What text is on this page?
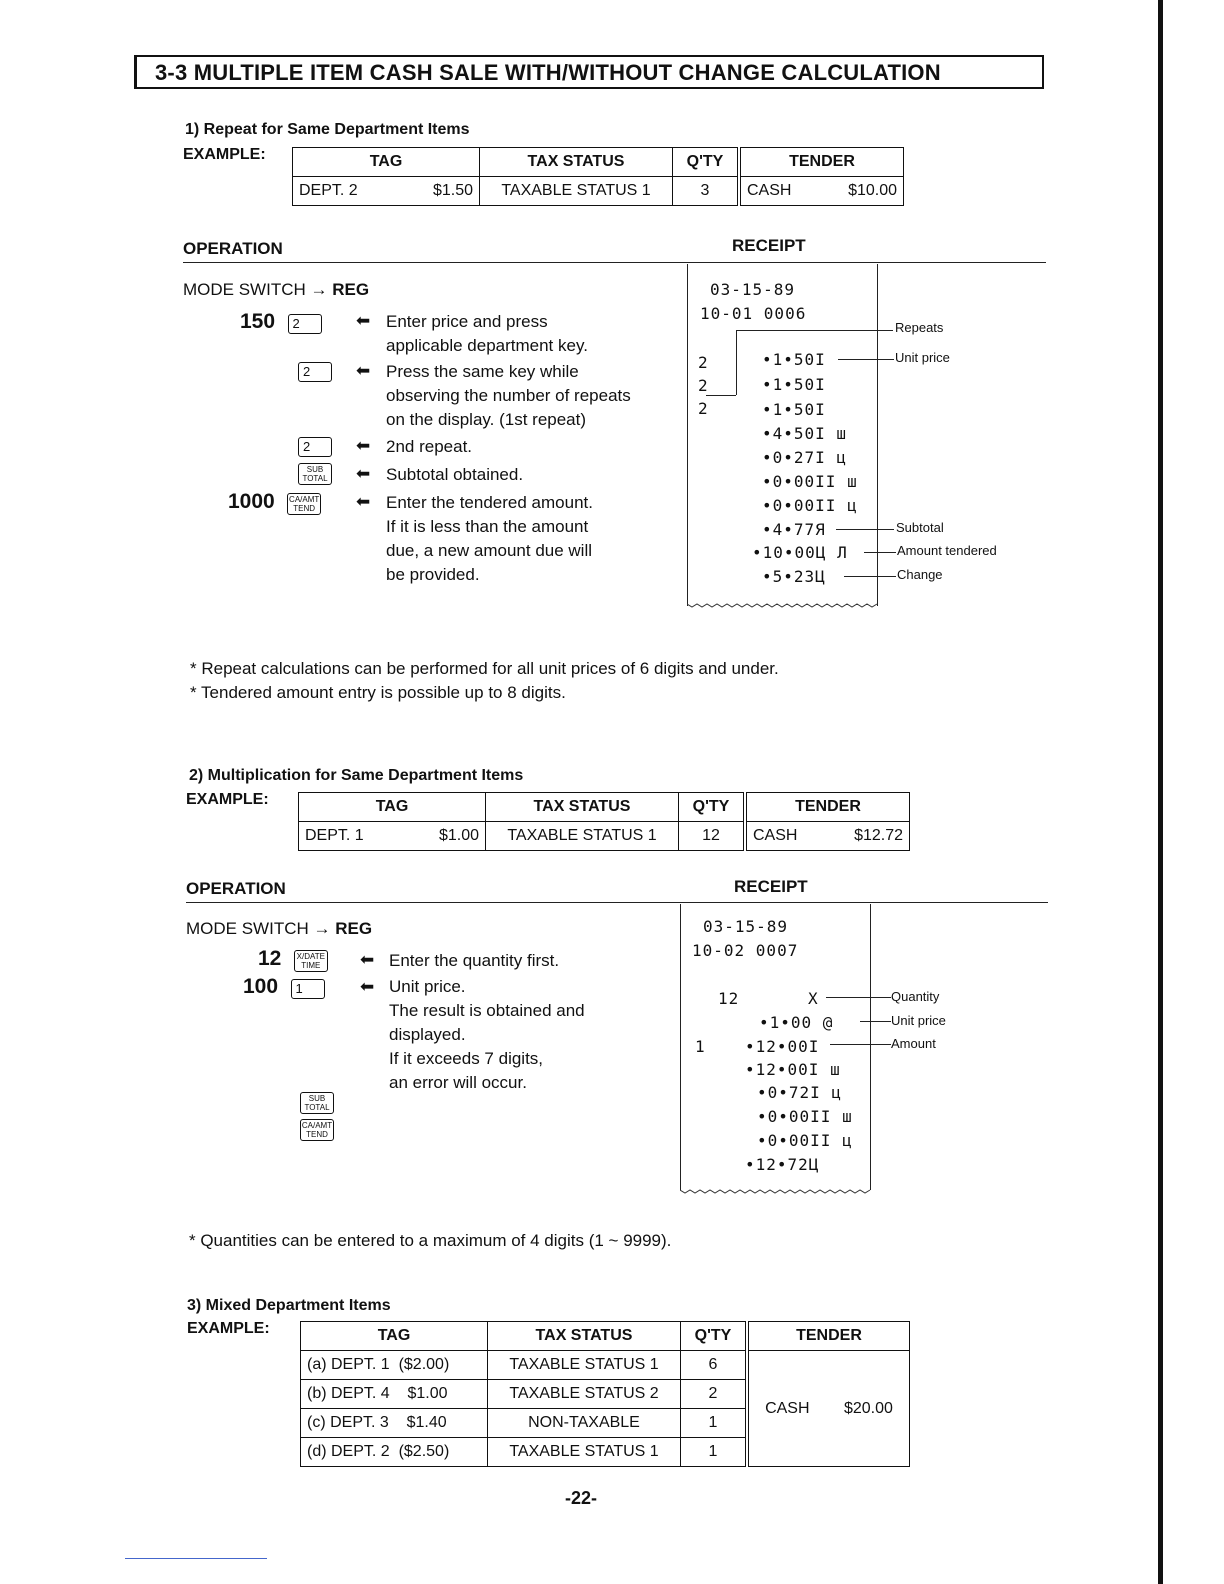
3-3 MULTIPLE ITEM CASH SALE WITH/WITHOUT CHANGE CALCULATION
1) Repeat for Same Department Items
EXAMPLE:	TAG	TAX STATUS	Q'TY	TENDER
DEPT. 2 $1.50	TAXABLE STATUS 1	3	CASH $10.00
OPERATION	RECEIPT
MODE SWITCH → REG
150 2	⬅ Enter price and press
applicable department key.
2	⬅ Press the same key while
observing the number of repeats
on the display. (1st repeat)
2	⬅ 2nd repeat.
SUB
TOTAL ⬅ Subtotal obtained.
1000 CA/AMT
TEND	⬅ Enter the tendered amount.
If it is less than the amount
due, a new amount due will
be provided.
03-15-89
10-01 0006
Repeats
2
2
2
•1•50I
•1•50I
•1•50I
•4•50I ш
•0•27I ц
•0•00II ш
•0•00II ц
•4•77Я
•10•00Ц Л
•5•23Ц
Unit price
Subtotal
Amount tendered
Change
* Repeat calculations can be performed for all unit prices of 6 digits and under.
* Tendered amount entry is possible up to 8 digits.
2) Multiplication for Same Department Items
EXAMPLE:	TAG	TAX STATUS	Q'TY	TENDER
DEPT. 1 $1.00	TAXABLE STATUS 1	12	CASH $12.72
OPERATION	RECEIPT
MODE SWITCH → REG
12 X/DATE
TIME	⬅ Enter the quantity first.
100 1	⬅ Unit price.
The result is obtained and
displayed.
If it exceeds 7 digits,
an error will occur.
SUB
TOTAL
CA/AMT
TEND
03-15-89
10-02 0007
12	X
•1•00 @
1 •12•00I
•12•00I ш
•0•72I ц
•0•00II ш
•0•00II ц
•12•72Ц
Quantity
Unit price
Amount
* Quantities can be entered to a maximum of 4 digits (1 ~ 9999).
3) Mixed Department Items
EXAMPLE:	TAG	TAX STATUS	Q'TY	TENDER
(a) DEPT. 1  ($2.00)	TAXABLE STATUS 1	6	CASH $20.00
(b) DEPT. 4    $1.00	TAXABLE STATUS 2	2	
(c) DEPT. 3    $1.40	NON-TAXABLE	1	
(d) DEPT. 2  ($2.50)	TAXABLE STATUS 1	1	
-22-
